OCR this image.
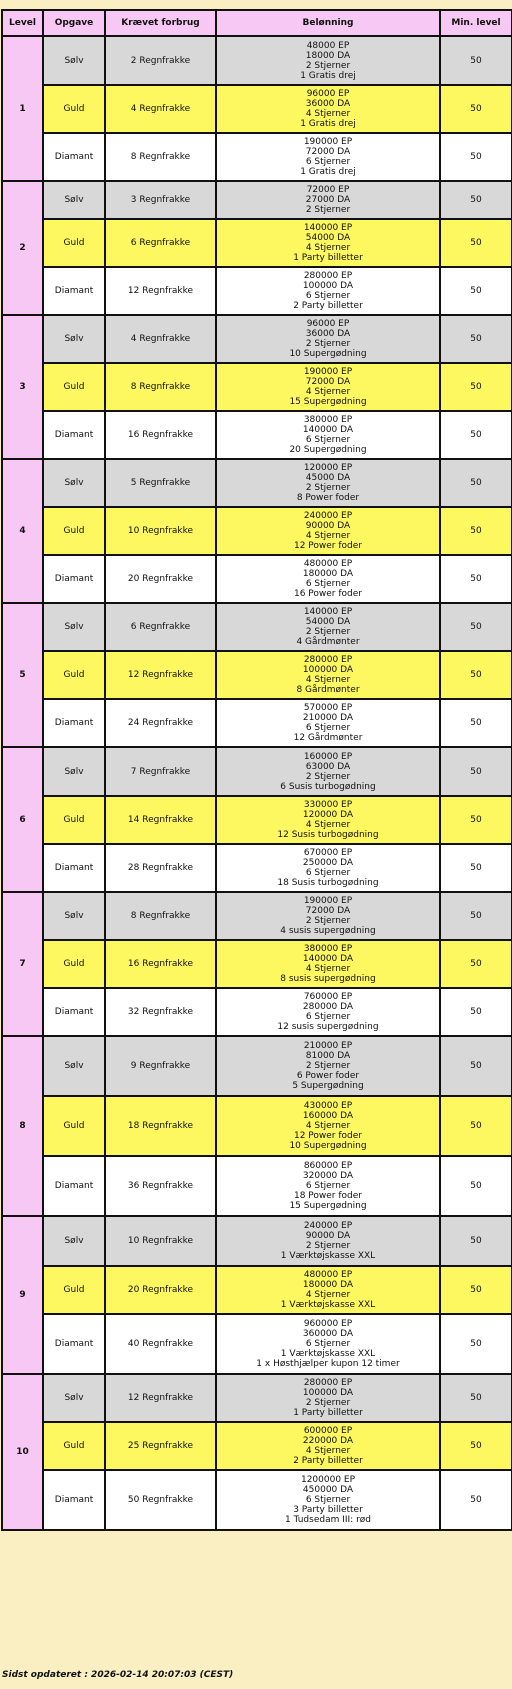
Level	Opgave	Krævet forbrug	Belønning	Min. level
1	Sølv	2 Regnfrakke	48000 EP
18000 DA
2 Stjerner
1 Gratis drej	50
	Guld	4 Regnfrakke	96000 EP
36000 DA
4 Stjerner
1 Gratis drej	50
	Diamant	8 Regnfrakke	190000 EP
72000 DA
6 Stjerner
1 Gratis drej	50
2	Sølv	3 Regnfrakke	72000 EP
27000 DA
2 Stjerner	50
	Guld	6 Regnfrakke	140000 EP
54000 DA
4 Stjerner
1 Party billetter	50
	Diamant	12 Regnfrakke	280000 EP
100000 DA
6 Stjerner
2 Party billetter	50
3	Sølv	4 Regnfrakke	96000 EP
36000 DA
2 Stjerner
10 Supergødning	50
	Guld	8 Regnfrakke	190000 EP
72000 DA
4 Stjerner
15 Supergødning	50
	Diamant	16 Regnfrakke	380000 EP
140000 DA
6 Stjerner
20 Supergødning	50
4	Sølv	5 Regnfrakke	120000 EP
45000 DA
2 Stjerner
8 Power foder	50
	Guld	10 Regnfrakke	240000 EP
90000 DA
4 Stjerner
12 Power foder	50
	Diamant	20 Regnfrakke	480000 EP
180000 DA
6 Stjerner
16 Power foder	50
5	Sølv	6 Regnfrakke	140000 EP
54000 DA
2 Stjerner
4 Gårdmønter	50
	Guld	12 Regnfrakke	280000 EP
100000 DA
4 Stjerner
8 Gårdmønter	50
	Diamant	24 Regnfrakke	570000 EP
210000 DA
6 Stjerner
12 Gårdmønter	50
6	Sølv	7 Regnfrakke	160000 EP
63000 DA
2 Stjerner
6 Susis turbogødning	50
	Guld	14 Regnfrakke	330000 EP
120000 DA
4 Stjerner
12 Susis turbogødning	50
	Diamant	28 Regnfrakke	670000 EP
250000 DA
6 Stjerner
18 Susis turbogødning	50
7	Sølv	8 Regnfrakke	190000 EP
72000 DA
2 Stjerner
4 susis supergødning	50
	Guld	16 Regnfrakke	380000 EP
140000 DA
4 Stjerner
8 susis supergødning	50
	Diamant	32 Regnfrakke	760000 EP
280000 DA
6 Stjerner
12 susis supergødning	50
8	Sølv	9 Regnfrakke	210000 EP
81000 DA
2 Stjerner
6 Power foder
5 Supergødning	50
	Guld	18 Regnfrakke	430000 EP
160000 DA
4 Stjerner
12 Power foder
10 Supergødning	50
	Diamant	36 Regnfrakke	860000 EP
320000 DA
6 Stjerner
18 Power foder
15 Supergødning	50
9	Sølv	10 Regnfrakke	240000 EP
90000 DA
2 Stjerner
1 Værktøjskasse XXL	50
	Guld	20 Regnfrakke	480000 EP
180000 DA
4 Stjerner
1 Værktøjskasse XXL	50
	Diamant	40 Regnfrakke	960000 EP
360000 DA
6 Stjerner
1 Værktøjskasse XXL
1 x Høsthjælper kupon 12 timer	50
10	Sølv	12 Regnfrakke	280000 EP
100000 DA
2 Stjerner
1 Party billetter	50
	Guld	25 Regnfrakke	600000 EP
220000 DA
4 Stjerner
2 Party billetter	50
	Diamant	50 Regnfrakke	1200000 EP
450000 DA
6 Stjerner
3 Party billetter
1 Tudsedam III: rød	50
Sidst opdateret : 2026-02-14 20:07:03 (CEST)
